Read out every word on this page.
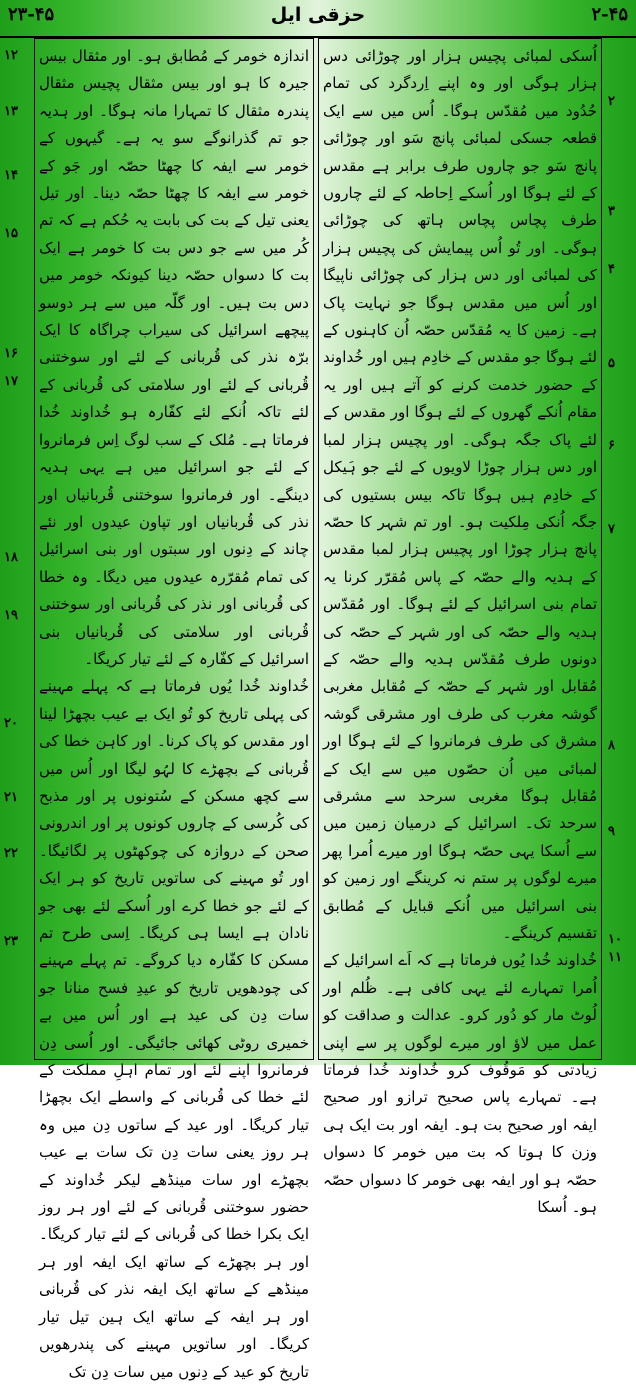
۲۳-۴۵	حزقی ایل	۲-۴۵

اُسکی لمبائی پچیس ہزار اور چوڑائی دس ہزار ہوگی اور وہ اپنے اِردگرد کی تمام حُدُود میں مُقدّس ہوگا۔ اُس میں سے ایک قطعہ جسکی لمبائی پانچ سَو اور چوڑائی پانچ سَو جو چاروں طرف برابر ہے مقدس کے لئے ہوگا اور اُسکے اِحاطہ کے لئے چاروں طرف پچاس پچاس ہاتھ کی چوڑائی ہوگی۔ اور تُو اُس پیمایش کی پچیس ہزار کی لمبائی اور دس ہزار کی چوڑائی ناپیگا اور اُس میں مقدس ہوگا جو نہایت پاک ہے۔ زمین کا یہ مُقدّس حصّہ اُن کاہنوں کے لئے ہوگا جو مقدس کے خادِم ہیں اور خُداوند کے حضور خدمت کرنے کو آتے ہیں اور یہ مقام اُنکے گھروں کے لئے ہوگا اور مقدس کے لئے پاک جگہ ہوگی۔ اور پچیس ہزار لمبا اور دس ہزار چوڑا لاویوں کے لئے جو ہَیکل کے خادِم ہیں ہوگا تاکہ بیس بستیوں کی جگہ اُنکی مِلکیت ہو۔ اور تم شہر کا حصّہ پانچ ہزار چوڑا اور پچیس ہزار لمبا مقدس کے ہدیہ والے حصّہ کے پاس مُقرّر کرنا یہ تمام بنی اسرائیل کے لئے ہوگا۔ اور مُقدّس ہدیہ والے حصّہ کی اور شہر کے حصّہ کی دونوں طرف مُقدّس ہدیہ والے حصّہ کے مُقابل اور شہر کے حصّہ کے مُقابل مغربی گوشہ مغرب کی طرف اور مشرقی گوشہ مشرق کی طرف فرمانروا کے لئے ہوگا اور لمبائی میں اُن حصّوں میں سے ایک کے مُقابل ہوگا مغربی سرحد سے مشرقی سرحد تک۔ اسرائیل کے درمیان زمین میں سے اُسکا یہی حصّہ ہوگا اور میرے اُمرا پھر میرے لوگوں پر ستم نہ کرینگے اور زمین کو بنی اسرائیل میں اُنکے قبایل کے مُطابق تقسیم کرینگے۔

خُداوند خُدا یُوں فرماتا ہے کہ اَے اسرائیل کے اُمرا تمہارے لئے یہی کافی ہے۔ ظُلم اور لُوٹ مار کو دُور کرو۔ عدالت و صداقت کو عمل میں لاؤ اور میرے لوگوں پر سے اپنی زیادتی کو مَوقُوف کرو خُداوند خُدا فرماتا ہے۔ تمہارے پاس صحیح ترازو اور صحیح ایفہ اور صحیح بت ہو۔ ایفہ اور بت ایک ہی وزن کا ہوتا کہ بت میں خومر کا دسواں حصّہ ہو اور ایفہ بھی خومر کا دسواں حصّہ ہو۔ اُسکا

اندازہ خومر کے مُطابق ہو۔ اور مثقال بیس جیرہ کا ہو اور بیس مثقال پچیس مثقال پندرہ مثقال کا تمہارا مانہ ہوگا۔ اور ہدیہ جو تم گذرانوگے سو یہ ہے۔ گیہوں کے خومر سے ایفہ کا چھٹا حصّہ اور جَو کے خومر سے ایفہ کا چھٹا حصّہ دینا۔ اور تیل یعنی تیل کے بت کی بابت یہ حُکم ہے کہ تم کُر میں سے جو دس بت کا خومر ہے ایک بت کا دسواں حصّہ دینا کیونکہ خومر میں دس بت ہیں۔ اور گلّہ میں سے ہر دوسو پیچھے اسرائیل کی سیراب چراگاہ کا ایک برّہ نذر کی قُربانی کے لئے اور سوختنی قُربانی کے لئے اور سلامتی کی قُربانی کے لئے تاکہ اُنکے لئے کفّارہ ہو خُداوند خُدا فرماتا ہے۔ مُلک کے سب لوگ اِس فرمانروا کے لئے جو اسرائیل میں ہے یہی ہدیہ دینگے۔ اور فرمانروا سوختنی قُربانیاں اور نذر کی قُربانیاں اور تپاون عیدوں اور نئے چاند کے دِنوں اور سبتوں اور بنی اسرائیل کی تمام مُقرّرہ عیدوں میں دیگا۔ وہ خطا کی قُربانی اور نذر کی قُربانی اور سوختنی قُربانی اور سلامتی کی قُربانیاں بنی اسرائیل کے کفّارہ کے لئے تیار کریگا۔

خُداوند خُدا یُوں فرماتا ہے کہ پہلے مہینے کی پہلی تاریخ کو تُو ایک بے عیب بچھڑا لینا اور مقدس کو پاک کرنا۔ اور کاہن خطا کی قُربانی کے بچھڑے کا لہُو لیگا اور اُس میں سے کچھ مسکن کے سُتونوں پر اور مذبح کی کُرسی کے چاروں کونوں پر اور اندرونی صحن کے دروازہ کی چوکھٹوں پر لگائیگا۔ اور تُو مہینے کی ساتویں تاریخ کو ہر ایک کے لئے جو خطا کرے اور اُسکے لئے بھی جو نادان ہے ایسا ہی کریگا۔ اِسی طرح تم مسکن کا کفّارہ دیا کروگے۔ تم پہلے مہینے کی چودھویں تاریخ کو عیدِ فسح منانا جو سات دِن کی عید ہے اور اُس میں بے خمیری روٹی کھائی جائیگی۔ اور اُسی دِن فرمانروا اپنے لئے اور تمام اہلِ مملکت کے لئے خطا کی قُربانی کے واسطے ایک بچھڑا تیار کریگا۔ اور عید کے ساتوں دِن میں وہ ہر روز یعنی سات دِن تک سات بے عیب بچھڑے اور سات مینڈھے لیکر خُداوند کے حضور سوختنی قُربانی کے لئے اور ہر روز ایک بکرا خطا کی قُربانی کے لئے تیار کریگا۔ اور ہر بچھڑے کے ساتھ ایک ایفہ اور ہر مینڈھے کے ساتھ ایک ایفہ نذر کی قُربانی اور ہر ایفہ کے ساتھ ایک ہین تیل تیار کریگا۔ اور ساتویں مہینے کی پندرھویں تاریخ کو عید کے دِنوں میں سات دِن تک

۱۲
۱۳
۱۴
۱۵
۱۶
۱۷
۱۸
۱۹
۲۰
۲۱
۲۲
۲۳
۲
۳
۴
۵
۶
۷
۸
۹
۱۰
۱۱
